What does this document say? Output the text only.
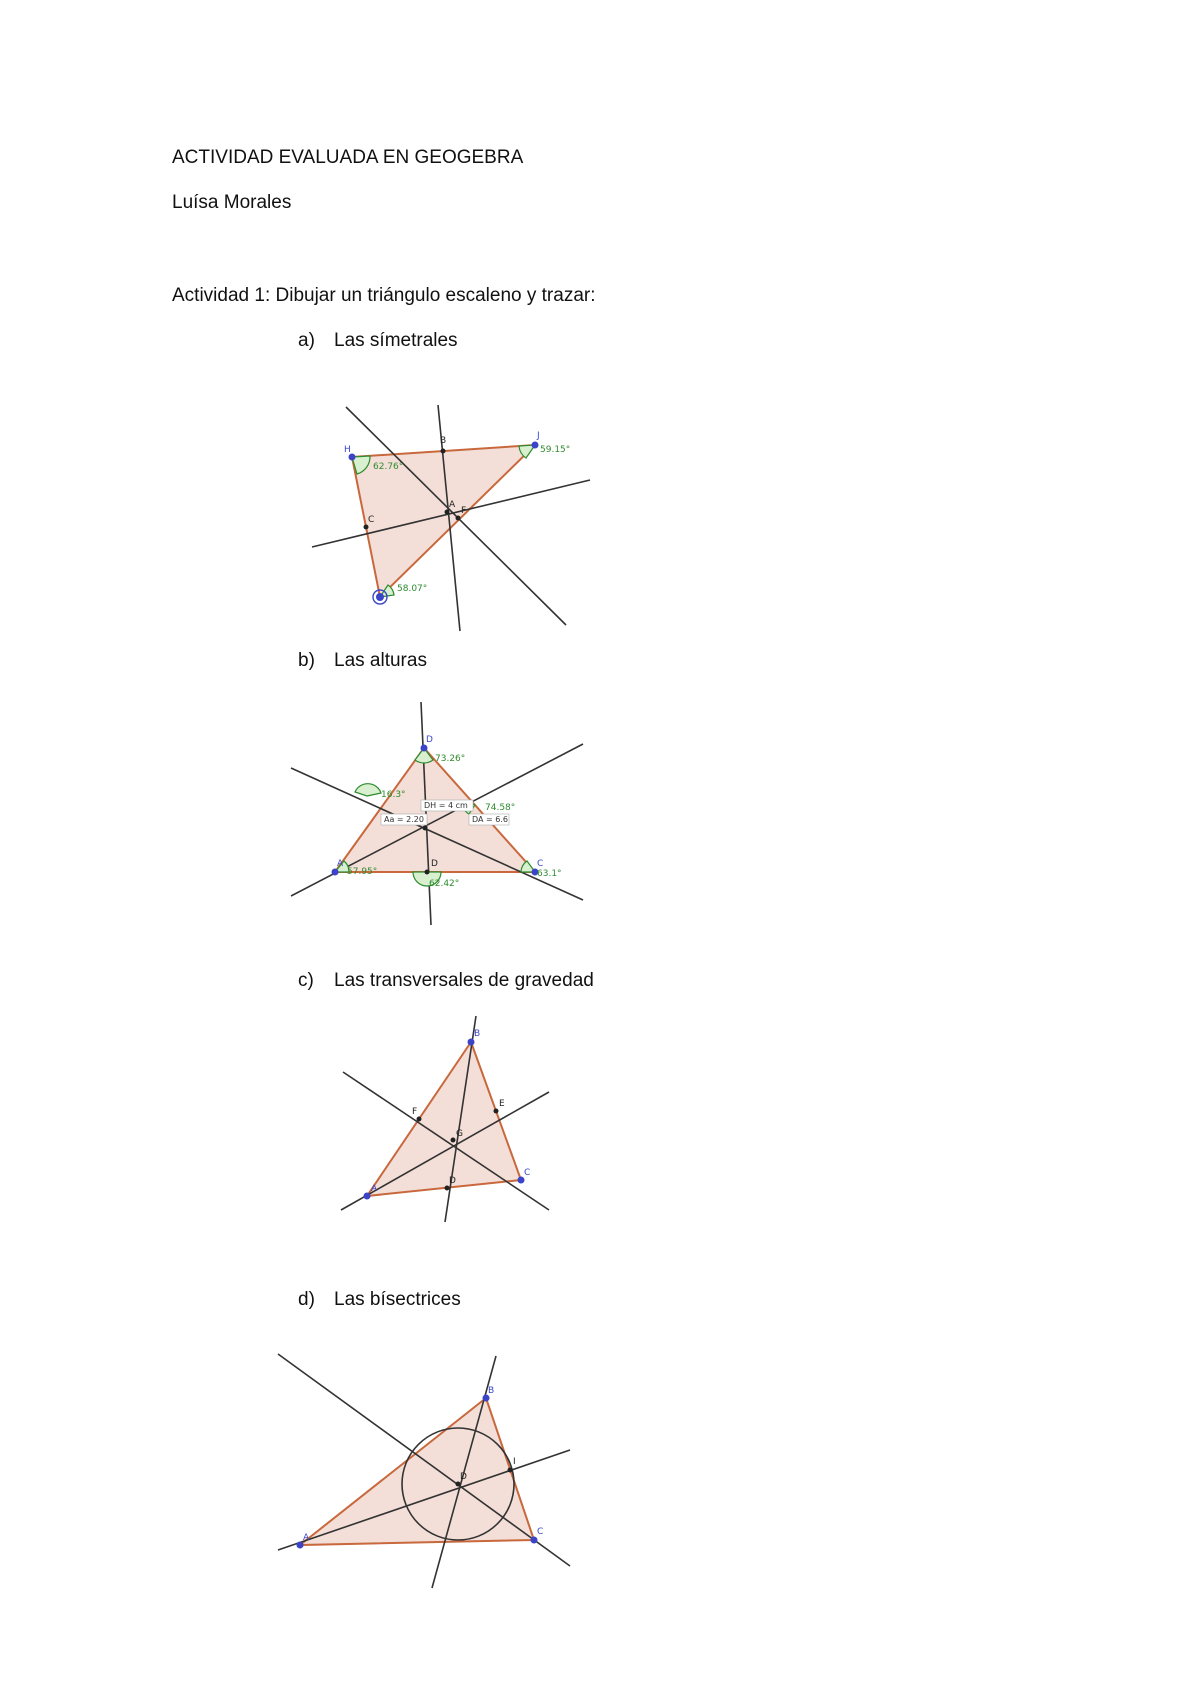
ACTIVIDAD EVALUADA EN GEOGEBRA
Luísa Morales
Actividad 1: Dibujar un triángulo escaleno y trazar:
a) Las símetrales
H
B	J
C
A
F
62.76°
59.15°
58.07°
b) Las alturas
D
A	C
D
73.26°
16.3°
74.58°
57.95°	63.1°
62.42°
DH = 4 cm
Aa = 2.20	DA = 6.6
c) Las transversales de gravedad
B
E
F
G
A
C
D
d) Las bísectrices
B
I
D
A
C
